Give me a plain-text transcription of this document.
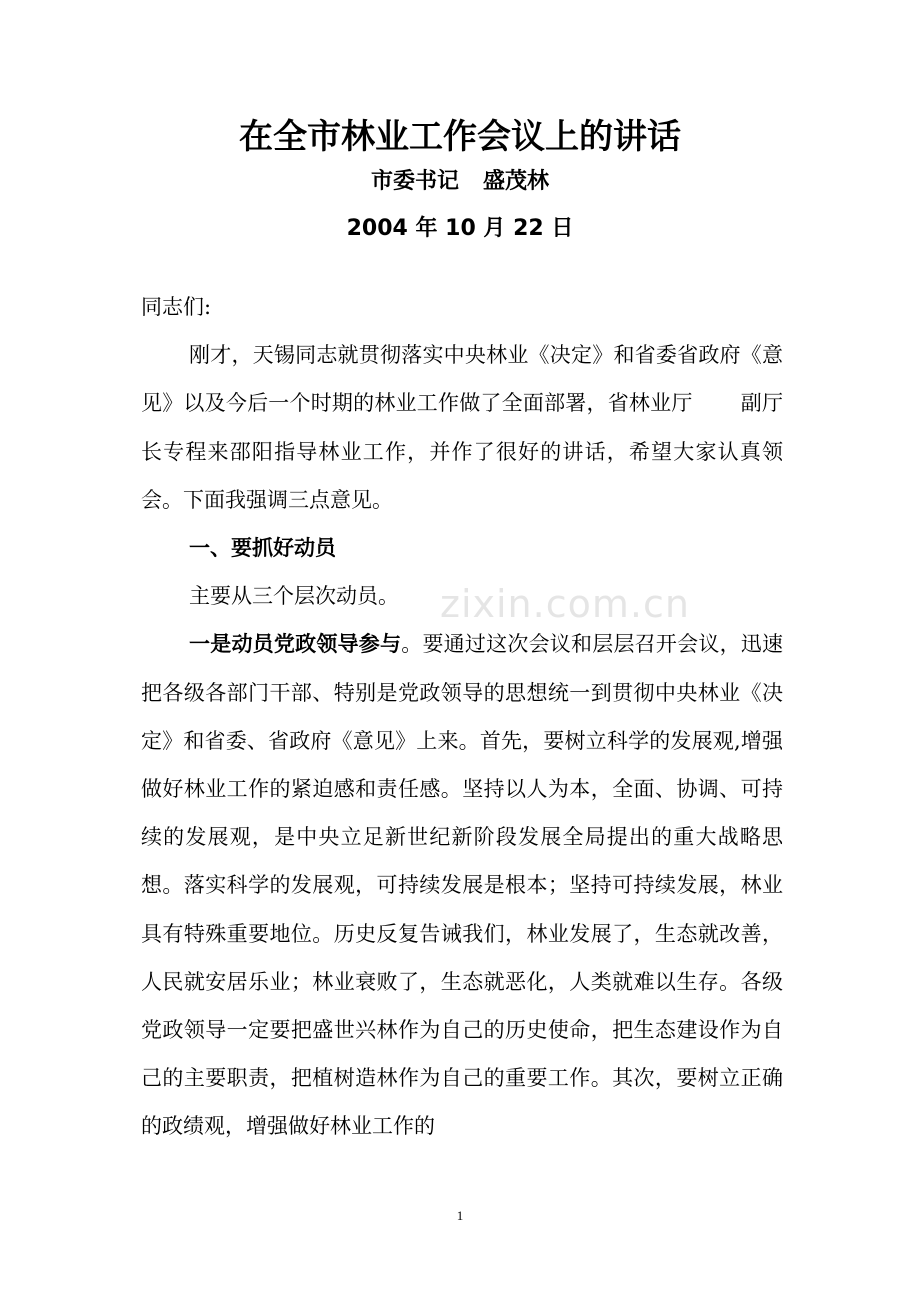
在全市林业工作会议上的讲话
市委书记 盛茂林
2004 年 10 月 22 日

同志们:

刚才，天锡同志就贯彻落实中央林业《决定》和省委省政府《意见》以及今后一个时期的林业工作做了全面部署，省林业厅 副厅长专程来邵阳指导林业工作，并作了很好的讲话，希望大家认真领会。下面我强调三点意见。

一、要抓好动员

主要从三个层次动员。

一是动员党政领导参与。要通过这次会议和层层召开会议，迅速把各级各部门干部、特别是党政领导的思想统一到贯彻中央林业《决定》和省委、省政府《意见》上来。首先，要树立科学的发展观,增强做好林业工作的紧迫感和责任感。坚持以人为本，全面、协调、可持续的发展观，是中央立足新世纪新阶段发展全局提出的重大战略思想。落实科学的发展观，可持续发展是根本；坚持可持续发展，林业具有特殊重要地位。历史反复告诫我们，林业发展了，生态就改善，人民就安居乐业；林业衰败了，生态就恶化，人类就难以生存。各级党政领导一定要把盛世兴林作为自己的历史使命，把生态建设作为自己的主要职责，把植树造林作为自己的重要工作。其次，要树立正确的政绩观，增强做好林业工作的

zixin.com.cn
1
